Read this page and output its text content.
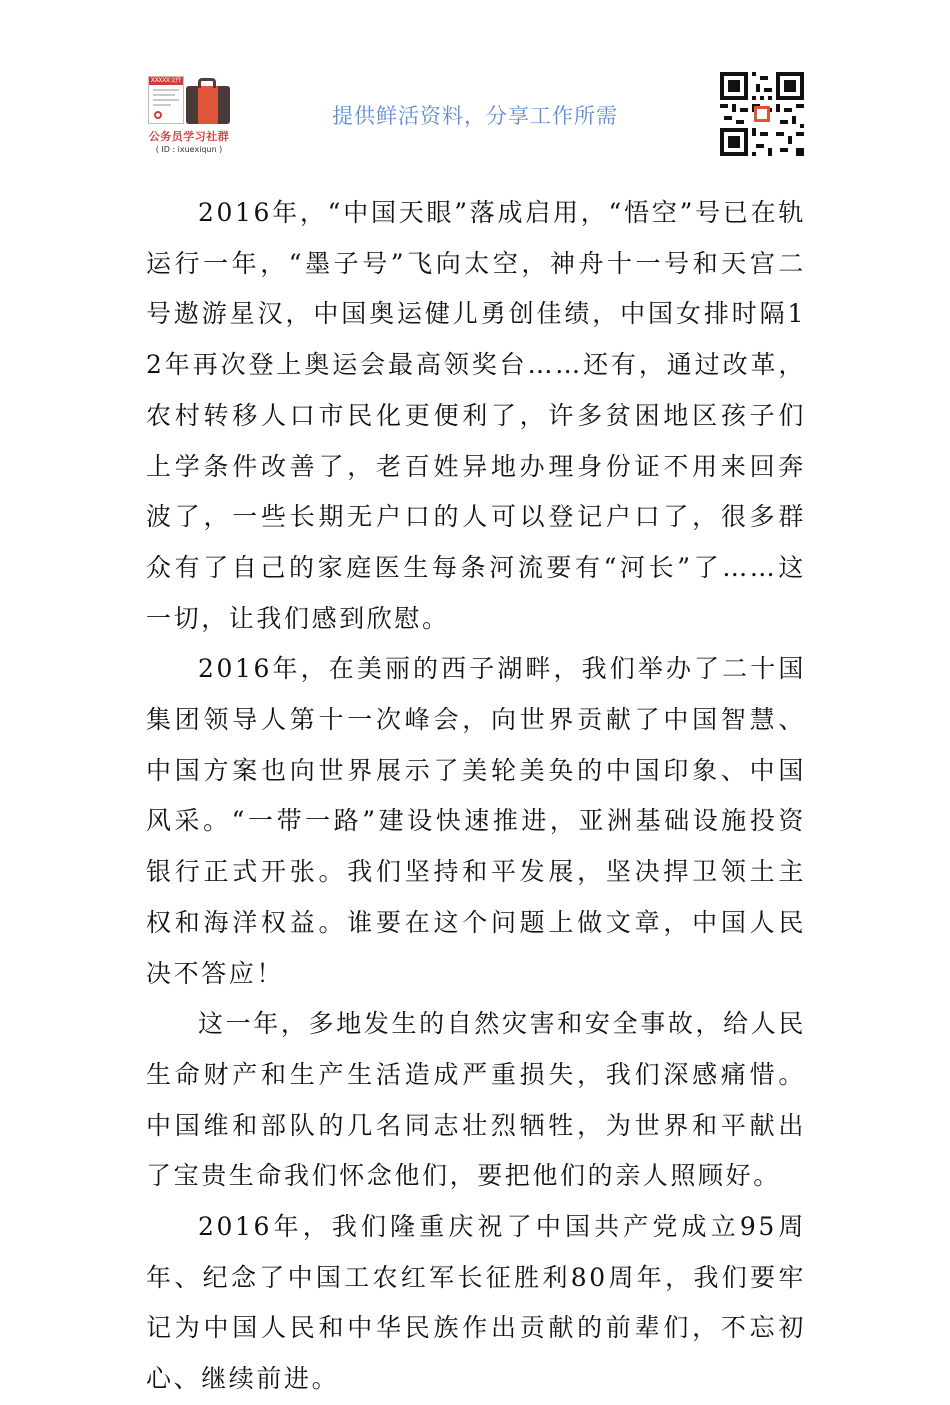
XXXXX文件
公务员学习社群
( ID : ixuexiqun )
提供鲜活资料，分享工作所需

2016年，“中国天眼”落成启用，“悟空”号已在轨运行一年，“墨子号”飞向太空，神舟十一号和天宫二号遨游星汉，中国奥运健儿勇创佳绩，中国女排时隔12年再次登上奥运会最高领奖台……还有，通过改革，农村转移人口市民化更便利了，许多贫困地区孩子们上学条件改善了，老百姓异地办理身份证不用来回奔波了，一些长期无户口的人可以登记户口了，很多群众有了自己的家庭医生每条河流要有“河长”了……这一切，让我们感到欣慰。

2016年，在美丽的西子湖畔，我们举办了二十国集团领导人第十一次峰会，向世界贡献了中国智慧、中国方案也向世界展示了美轮美奂的中国印象、中国风采。“一带一路”建设快速推进，亚洲基础设施投资银行正式开张。我们坚持和平发展，坚决捍卫领土主权和海洋权益。谁要在这个问题上做文章，中国人民决不答应！

这一年，多地发生的自然灾害和安全事故，给人民生命财产和生产生活造成严重损失，我们深感痛惜。中国维和部队的几名同志壮烈牺牲，为世界和平献出了宝贵生命我们怀念他们，要把他们的亲人照顾好。

2016年，我们隆重庆祝了中国共产党成立95周年、纪念了中国工农红军长征胜利80周年，我们要牢记为中国人民和中华民族作出贡献的前辈们，不忘初心、继续前进。
